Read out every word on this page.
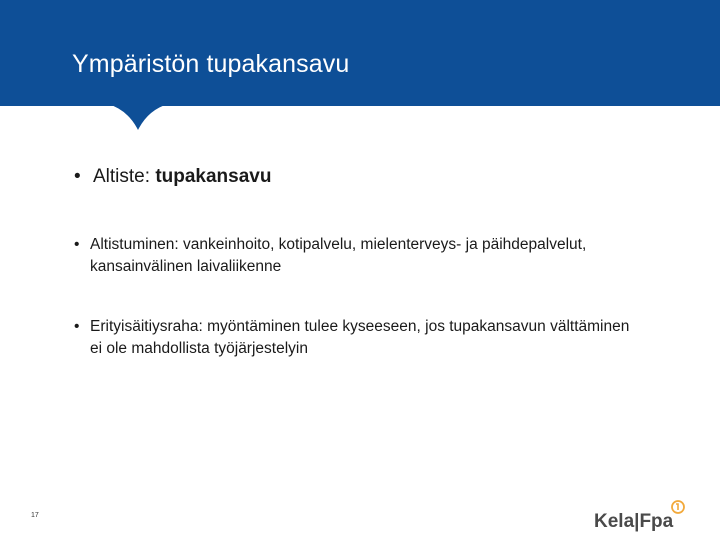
Ympäristön tupakansavu
• Altiste: tupakansavu
• Altistuminen: vankeinhoito, kotipalvelu, mielenterveys- ja päihdepalvelut, kansainvälinen laivaliikenne
• Erityisäitiysraha: myöntäminen tulee kyseeseen, jos tupakansavun välttäminen ei ole mahdollista työjärjestelyin
17	Kela|Fpa
